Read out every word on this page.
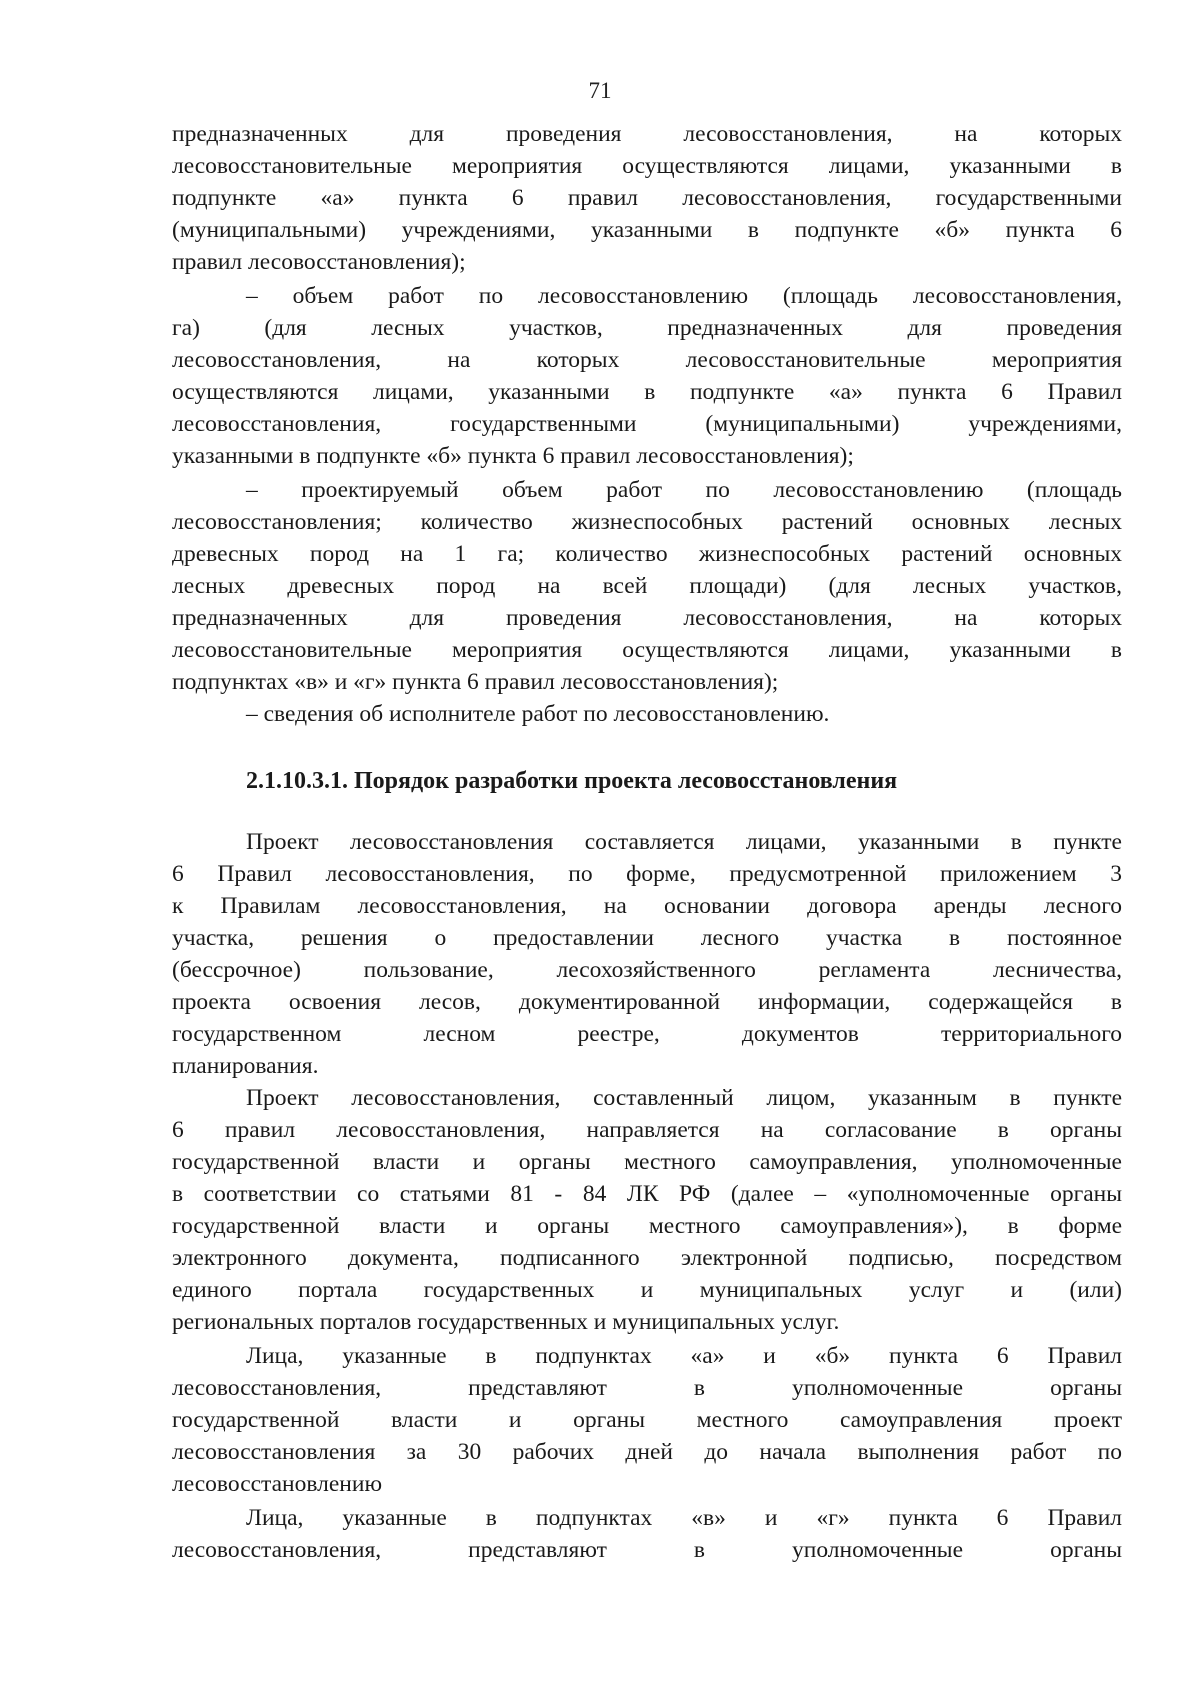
71
предназначенных для проведения лесовосстановления, на которых
лесовосстановительные мероприятия осуществляются лицами, указанными в
подпункте «а» пункта 6 правил лесовосстановления, государственными
(муниципальными) учреждениями, указанными в подпункте «б» пункта 6
правил лесовосстановления);
– объем работ по лесовосстановлению (площадь лесовосстановления,
га) (для лесных участков, предназначенных для проведения
лесовосстановления, на которых лесовосстановительные мероприятия
осуществляются лицами, указанными в подпункте «а» пункта 6 Правил
лесовосстановления, государственными (муниципальными) учреждениями,
указанными в подпункте «б» пункта 6 правил лесовосстановления);
– проектируемый объем работ по лесовосстановлению (площадь
лесовосстановления; количество жизнеспособных растений основных лесных
древесных пород на 1 га; количество жизнеспособных растений основных
лесных древесных пород на всей площади) (для лесных участков,
предназначенных для проведения лесовосстановления, на которых
лесовосстановительные мероприятия осуществляются лицами, указанными в
подпунктах «в» и «г» пункта 6 правил лесовосстановления);
– сведения об исполнителе работ по лесовосстановлению.
2.1.10.3.1. Порядок разработки проекта лесовосстановления
Проект лесовосстановления составляется лицами, указанными в пункте
6 Правил лесовосстановления, по форме, предусмотренной приложением 3
к Правилам лесовосстановления, на основании договора аренды лесного
участка, решения о предоставлении лесного участка в постоянное
(бессрочное) пользование, лесохозяйственного регламента лесничества,
проекта освоения лесов, документированной информации, содержащейся в
государственном лесном реестре, документов территориального
планирования.
Проект лесовосстановления, составленный лицом, указанным в пункте
6 правил лесовосстановления, направляется на согласование в органы
государственной власти и органы местного самоуправления, уполномоченные
в соответствии со статьями 81 - 84 ЛК РФ (далее – «уполномоченные органы
государственной власти и органы местного самоуправления»), в форме
электронного документа, подписанного электронной подписью, посредством
единого портала государственных и муниципальных услуг и (или)
региональных порталов государственных и муниципальных услуг.
Лица, указанные в подпунктах «а» и «б» пункта 6 Правил
лесовосстановления, представляют в уполномоченные органы
государственной власти и органы местного самоуправления проект
лесовосстановления за 30 рабочих дней до начала выполнения работ по
лесовосстановлению
Лица, указанные в подпунктах «в» и «г» пункта 6 Правил
лесовосстановления, представляют в уполномоченные органы
